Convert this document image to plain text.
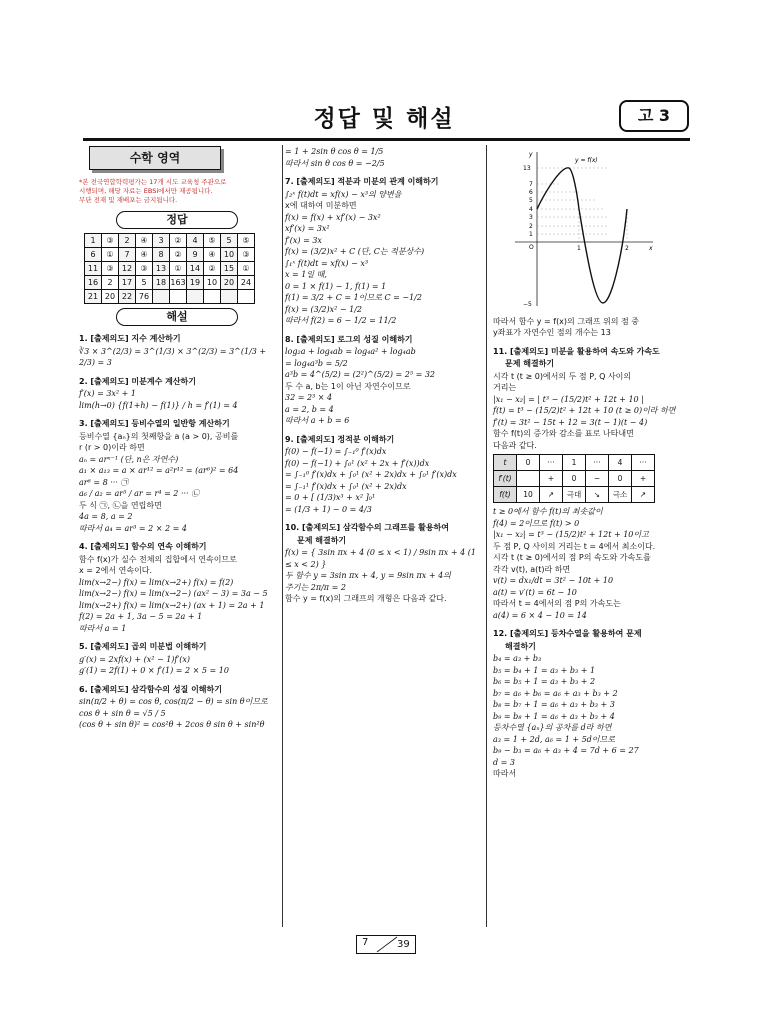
정답 및 해설	고 3
수학 영역
*본 전국연합학력평가는 17개 시도 교육청 주관으로
시행되며, 해당 자료는 EBSi에서만 제공됩니다.
무단 전재 및 재배포는 금지됩니다.
정답
1	③	2	④	3	②	4	⑤	5	⑤
6	①	7	④	8	②	9	④	10	③
11	③	12	③	13	①	14	②	15	①
16	2	17	5	18	163	19	10	20	24
21	20	22	76						
해설
1. [출제의도] 지수 계산하기
∛3 × 3^(2/3) = 3^(1/3) × 3^(2/3) = 3^(1/3 + 2/3) = 3
2. [출제의도] 미분계수 계산하기
f′(x) = 3x² + 1
lim(h→0) {f(1+h) − f(1)} / h = f′(1) = 4
3. [출제의도] 등비수열의 일반항 계산하기
등비수열 {aₙ}의 첫째항을 a (a > 0), 공비를
r (r > 0)이라 하면
aₙ = arⁿ⁻¹ (단, n은 자연수)
a₁ × a₁₃ = a × ar¹² = a²r¹² = (ar⁶)² = 64
ar⁶ = 8 ··· ㉠
a₆ / a₂ = ar⁵ / ar = r⁴ = 2 ··· ㉡
두 식 ㉠, ㉡을 연립하면
4a = 8, a = 2
따라서 a₄ = ar³ = 2 × 2 = 4
4. [출제의도] 함수의 연속 이해하기
함수 f(x)가 실수 전체의 집합에서 연속이므로
x = 2에서 연속이다.
lim(x→2−) f(x) = lim(x→2+) f(x) = f(2)
lim(x→2−) f(x) = lim(x→2−) (ax² − 3) = 3a − 5
lim(x→2+) f(x) = lim(x→2+) (ax + 1) = 2a + 1
f(2) = 2a + 1, 3a − 5 = 2a + 1
따라서 a = 1
5. [출제의도] 곱의 미분법 이해하기
g′(x) = 2xf(x) + (x² − 1)f′(x)
g′(1) = 2f(1) + 0 × f′(1) = 2 × 5 = 10
6. [출제의도] 삼각함수의 성질 이해하기
sin(π/2 + θ) = cos θ, cos(π/2 − θ) = sin θ이므로
cos θ + sin θ = √5 / 5
(cos θ + sin θ)² = cos²θ + 2cos θ sin θ + sin²θ
= 1 + 2sin θ cos θ = 1/5
따라서 sin θ cos θ = −2/5
7. [출제의도] 적분과 미분의 관계 이해하기
∫₂ˣ f(t)dt = xf(x) − x³의 양변을
x에 대하여 미분하면
f(x) = f(x) + xf′(x) − 3x²
xf′(x) = 3x²
f′(x) = 3x
f(x) = (3/2)x² + C (단, C는 적분상수)
∫₁ˣ f(t)dt = xf(x) − x³
x = 1일 때,
0 = 1 × f(1) − 1, f(1) = 1
f(1) = 3/2 + C = 1이므로 C = −1/2
f(x) = (3/2)x² − 1/2
따라서 f(2) = 6 − 1/2 = 11/2
8. [출제의도] 로그의 성질 이해하기
log₂a + log₄ab = log₄a² + log₄ab
= log₄a³b = 5/2
a³b = 4^(5/2) = (2²)^(5/2) = 2⁵ = 32
두 수 a, b는 1이 아닌 자연수이므로
32 = 2³ × 4
a = 2, b = 4
따라서 a + b = 6
9. [출제의도] 정적분 이해하기
f(0) − f(−1) = ∫₋₁⁰ f′(x)dx
f(0) − f(−1) + ∫₀¹ (x² + 2x + f′(x))dx
= ∫₋₁⁰ f′(x)dx + ∫₀¹ (x² + 2x)dx + ∫₀¹ f′(x)dx
= ∫₋₁¹ f′(x)dx + ∫₀¹ (x² + 2x)dx
= 0 + [ (1/3)x³ + x² ]₀¹
= (1/3 + 1) − 0 = 4/3
10. [출제의도] 삼각함수의 그래프를 활용하여
문제 해결하기
f(x) = { 3sin πx + 4 (0 ≤ x < 1) / 9sin πx + 4 (1 ≤ x < 2) }
두 함수 y = 3sin πx + 4, y = 9sin πx + 4의
주기는 2π/π = 2
함수 y = f(x)의 그래프의 개형은 다음과 같다.
y = f(x)
y
x
13
7
6
5
4
3
2
1
O
−5
1	2
따라서 함수 y = f(x)의 그래프 위의 점 중
y좌표가 자연수인 점의 개수는 13
11. [출제의도] 미분을 활용하여 속도와 가속도
문제 해결하기
시각 t (t ≥ 0)에서의 두 점 P, Q 사이의
거리는
|x₁ − x₂| = | t³ − (15/2)t² + 12t + 10 |
f(t) = t³ − (15/2)t² + 12t + 10 (t ≥ 0)이라 하면
f′(t) = 3t² − 15t + 12 = 3(t − 1)(t − 4)
함수 f(t)의 증가와 감소를 표로 나타내면
다음과 같다.
t	0	···	1	···	4	···
f′(t)		+	0	−	0	+
f(t)	10	↗	극대	↘	극소	↗
t ≥ 0에서 함수 f(t)의 최솟값이
f(4) = 2이므로 f(t) > 0
|x₁ − x₂| = t³ − (15/2)t² + 12t + 10이고
두 점 P, Q 사이의 거리는 t = 4에서 최소이다.
시각 t (t ≥ 0)에서의 점 P의 속도와 가속도를
각각 v(t), a(t)라 하면
v(t) = dx₁/dt = 3t² − 10t + 10
a(t) = v′(t) = 6t − 10
따라서 t = 4에서의 점 P의 가속도는
a(4) = 6 × 4 − 10 = 14
12. [출제의도] 등차수열을 활용하여 문제
해결하기
b₄ = a₃ + b₃
b₅ = b₄ + 1 = a₃ + b₃ + 1
b₆ = b₅ + 1 = a₃ + b₃ + 2
b₇ = a₆ + b₆ = a₆ + a₃ + b₃ + 2
b₈ = b₇ + 1 = a₆ + a₃ + b₃ + 3
b₉ = b₈ + 1 = a₆ + a₃ + b₃ + 4
등차수열 {aₙ}의 공차를 d라 하면
a₃ = 1 + 2d, a₆ = 1 + 5d이므로
b₉ − b₃ = a₆ + a₃ + 4 = 7d + 6 = 27
d = 3
따라서
7	39
